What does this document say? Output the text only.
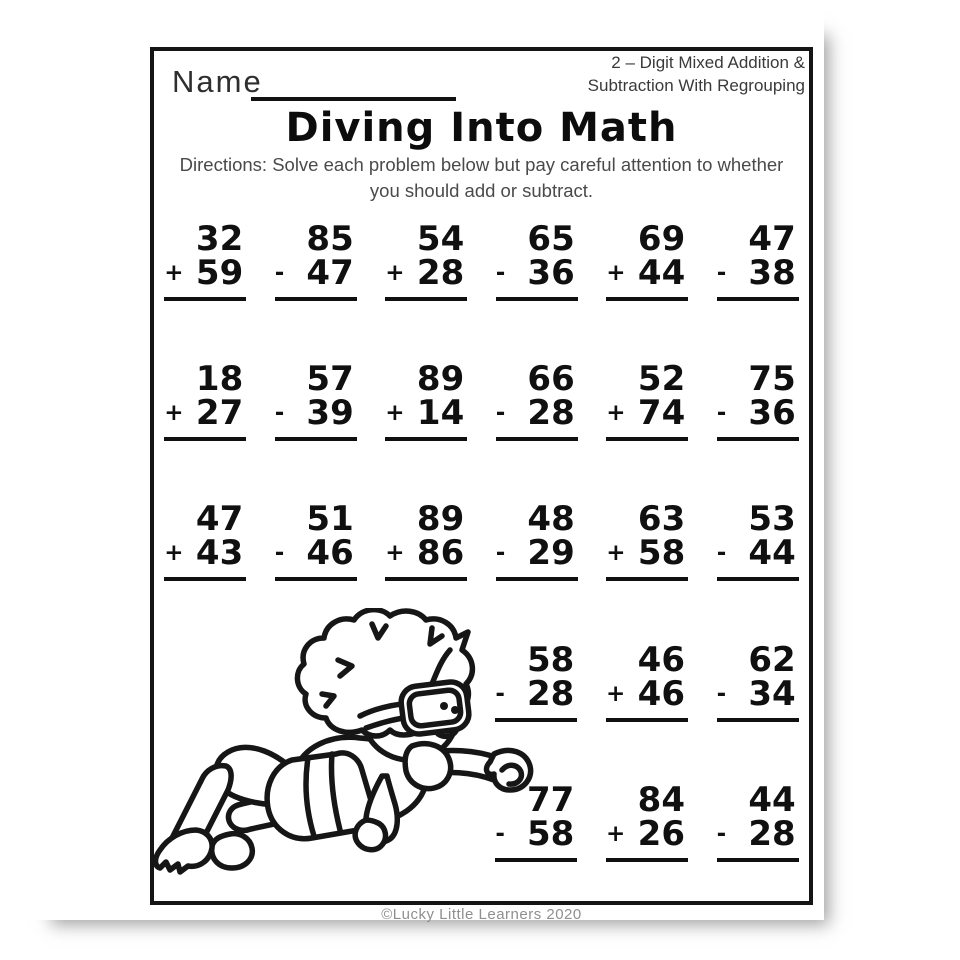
Name
2 – Digit Mixed Addition &
Subtraction With Regrouping
Diving Into Math
Directions: Solve each problem below but pay careful attention to whether
you should add or subtract.
32
+ 59
85
- 47
54
+ 28
65
- 36
69
+ 44
47
- 38
18
+ 27
57
- 39
89
+ 14
66
- 28
52
+ 74
75
- 36
47
+ 43
51
- 46
89
+ 86
48
- 29
63
+ 58
53
- 44
58
- 28
46
+ 46
62
- 34
77
- 58
84
+ 26
44
- 28
©Lucky Little Learners 2020
